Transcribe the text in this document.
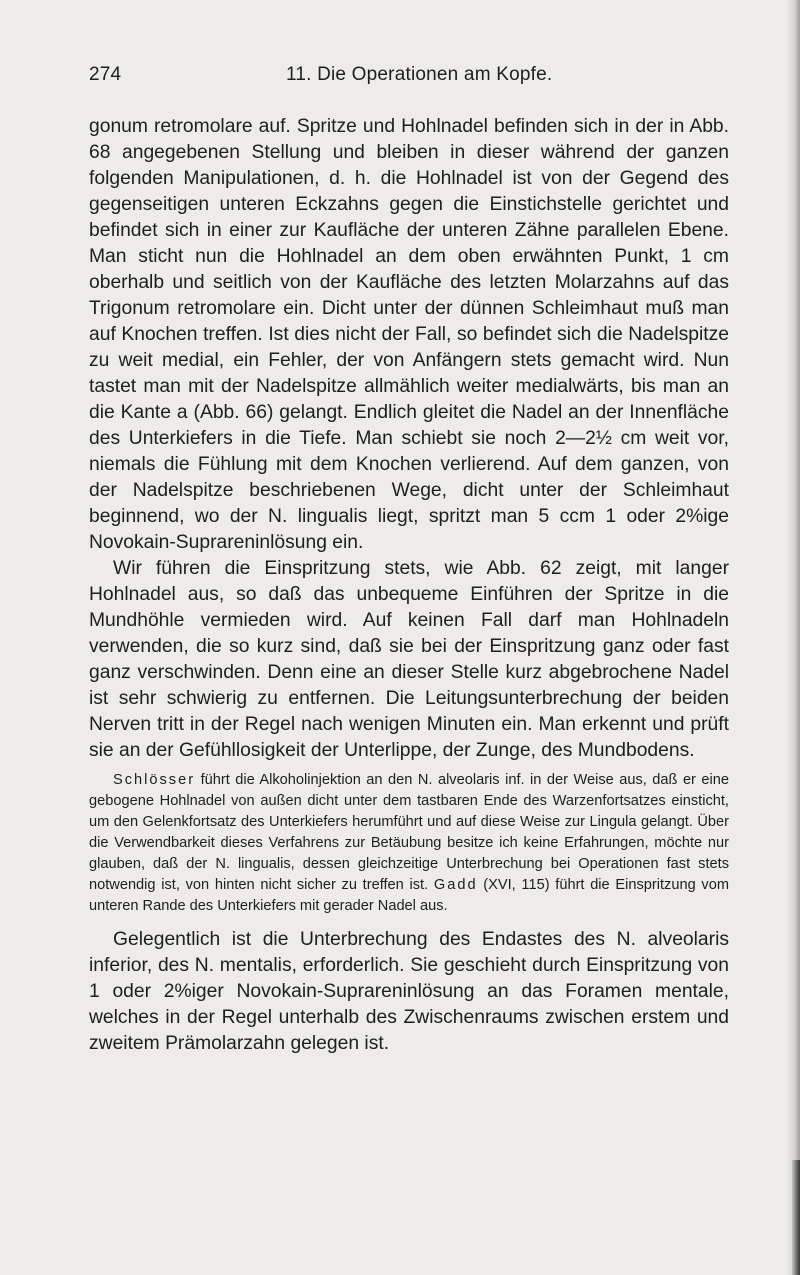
274	11. Die Operationen am Kopfe.

gonum retromolare auf. Spritze und Hohlnadel befinden sich in der in Abb. 68 angegebenen Stellung und bleiben in dieser während der ganzen folgenden Manipulationen, d. h. die Hohlnadel ist von der Gegend des gegenseitigen unteren Eckzahns gegen die Einstichstelle gerichtet und befindet sich in einer zur Kaufläche der unteren Zähne parallelen Ebene. Man sticht nun die Hohlnadel an dem oben erwähnten Punkt, 1 cm oberhalb und seitlich von der Kaufläche des letzten Molarzahns auf das Trigonum retromolare ein. Dicht unter der dünnen Schleimhaut muß man auf Knochen treffen. Ist dies nicht der Fall, so befindet sich die Nadelspitze zu weit medial, ein Fehler, der von Anfängern stets gemacht wird. Nun tastet man mit der Nadelspitze allmählich weiter medialwärts, bis man an die Kante a (Abb. 66) gelangt. Endlich gleitet die Nadel an der Innenfläche des Unterkiefers in die Tiefe. Man schiebt sie noch 2—2½ cm weit vor, niemals die Fühlung mit dem Knochen verlierend. Auf dem ganzen, von der Nadelspitze beschriebenen Wege, dicht unter der Schleimhaut beginnend, wo der N. lingualis liegt, spritzt man 5 ccm 1 oder 2%ige Novokain-Suprareninlösung ein.

Wir führen die Einspritzung stets, wie Abb. 62 zeigt, mit langer Hohlnadel aus, so daß das unbequeme Einführen der Spritze in die Mundhöhle vermieden wird. Auf keinen Fall darf man Hohlnadeln verwenden, die so kurz sind, daß sie bei der Einspritzung ganz oder fast ganz verschwinden. Denn eine an dieser Stelle kurz abgebrochene Nadel ist sehr schwierig zu entfernen. Die Leitungsunterbrechung der beiden Nerven tritt in der Regel nach wenigen Minuten ein. Man erkennt und prüft sie an der Gefühllosigkeit der Unterlippe, der Zunge, des Mundbodens.

Schlösser führt die Alkoholinjektion an den N. alveolaris inf. in der Weise aus, daß er eine gebogene Hohlnadel von außen dicht unter dem tastbaren Ende des Warzenfortsatzes einsticht, um den Gelenkfortsatz des Unterkiefers herumführt und auf diese Weise zur Lingula gelangt. Über die Verwendbarkeit dieses Verfahrens zur Betäubung besitze ich keine Erfahrungen, möchte nur glauben, daß der N. lingualis, dessen gleichzeitige Unterbrechung bei Operationen fast stets notwendig ist, von hinten nicht sicher zu treffen ist. Gadd (XVI, 115) führt die Einspritzung vom unteren Rande des Unterkiefers mit gerader Nadel aus.

Gelegentlich ist die Unterbrechung des Endastes des N. alveolaris inferior, des N. mentalis, erforderlich. Sie geschieht durch Einspritzung von 1 oder 2%iger Novokain-Suprareninlösung an das Foramen mentale, welches in der Regel unterhalb des Zwischenraums zwischen erstem und zweitem Prämolarzahn gelegen ist.
